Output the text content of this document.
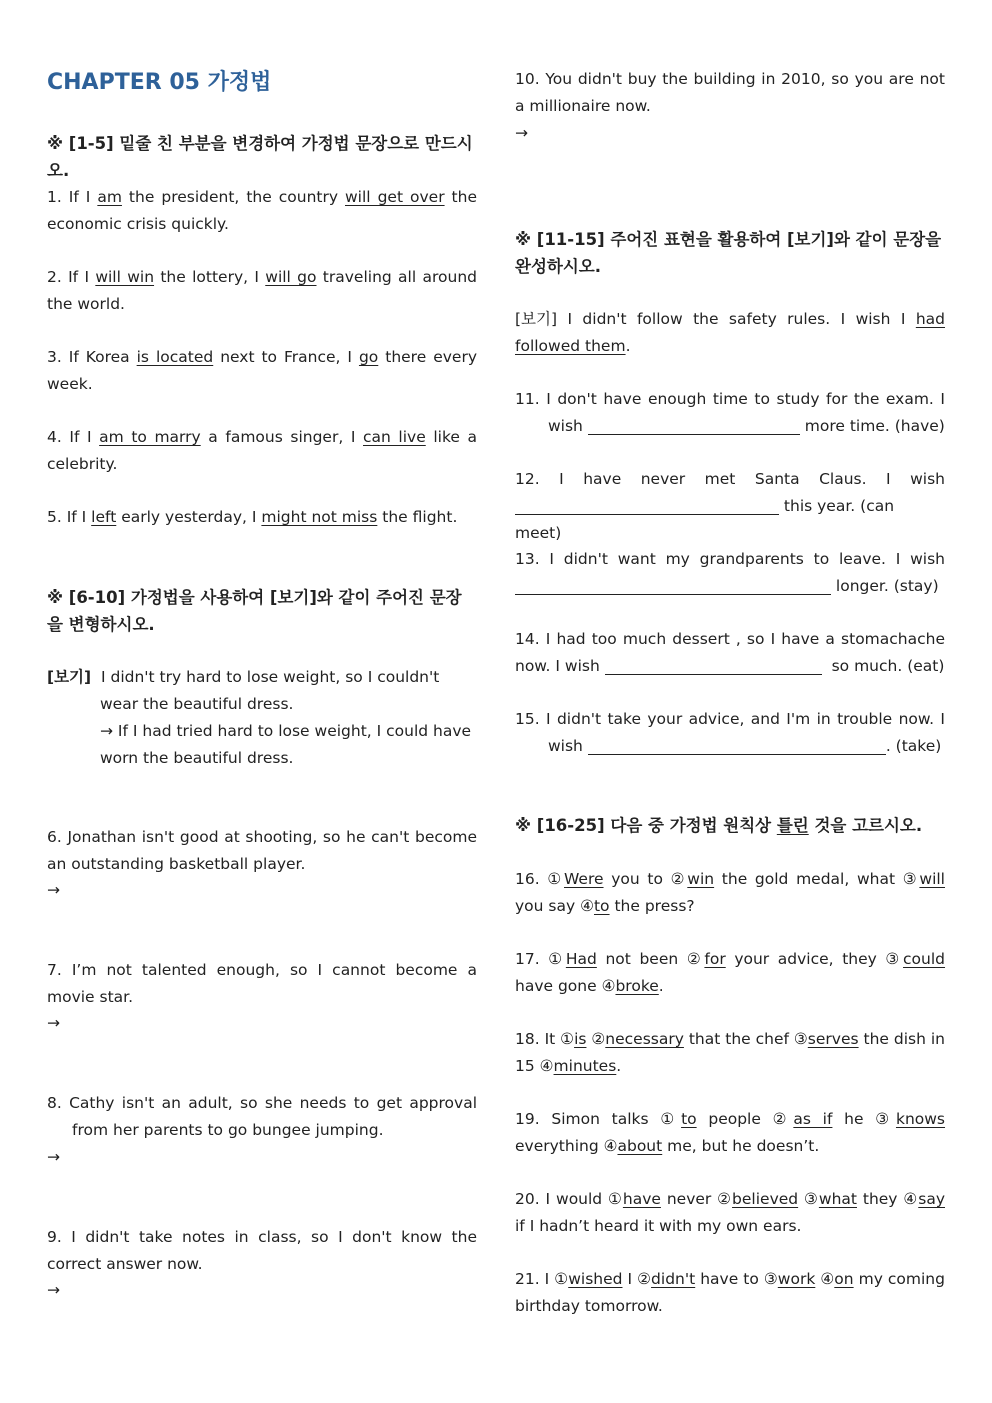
CHAPTER 05 가정법
※ [1-5] 밑줄 친 부분을 변경하여 가정법 문장으로 만드시오.
1. If I am the president, the country will get over the economic crisis quickly.
2. If I will win the lottery, I will go traveling all around the world.
3. If Korea is located next to France, I go there every week.
4. If I am to marry a famous singer, I can live like a celebrity.
5. If I left early yesterday, I might not miss the flight.
※ [6-10] 가정법을 사용하여 [보기]와 같이 주어진 문장을 변형하시오.
[보기] I didn't try hard to lose weight, so I couldn't
wear the beautiful dress.
→ If I had tried hard to lose weight, I could have
worn the beautiful dress.
6. Jonathan isn't good at shooting, so he can't become an outstanding basketball player.
→
7. I’m not talented enough, so I cannot become a movie star.
→
8. Cathy isn't an adult, so she needs to get approval
from her parents to go bungee jumping.
→
9. I didn't take notes in class, so I don't know the correct answer now.
→
10. You didn't buy the building in 2010, so you are not a millionaire now.
→
※ [11-15] 주어진 표현을 활용하여 [보기]와 같이 문장을 완성하시오.
[보기] I didn't follow the safety rules. I wish I had followed them.
11. I don't have enough time to study for the exam. I
wish	more time. (have)
12. I have never met Santa Claus. I wish
this year. (can meet)
13. I didn't want my grandparents to leave. I wish
longer. (stay)
14. I had too much dessert , so I have a stomachache
now. I wish	so much. (eat)
15. I didn't take your advice, and I'm in trouble now. I
wish	. (take)
※ [16-25] 다음 중 가정법 원칙상 틀린 것을 고르시오.
16. ①Were you to ②win the gold medal, what ③will you say ④to the press?
17. ①Had not been ②for your advice, they ③could have gone ④broke.
18. It ①is ②necessary that the chef ③serves the dish in 15 ④minutes.
19. Simon talks ①to people ②as if he ③knows everything ④about me, but he doesn’t.
20. I would ①have never ②believed ③what they ④say if I hadn’t heard it with my own ears.
21. I ①wished I ②didn't have to ③work ④on my coming birthday tomorrow.
